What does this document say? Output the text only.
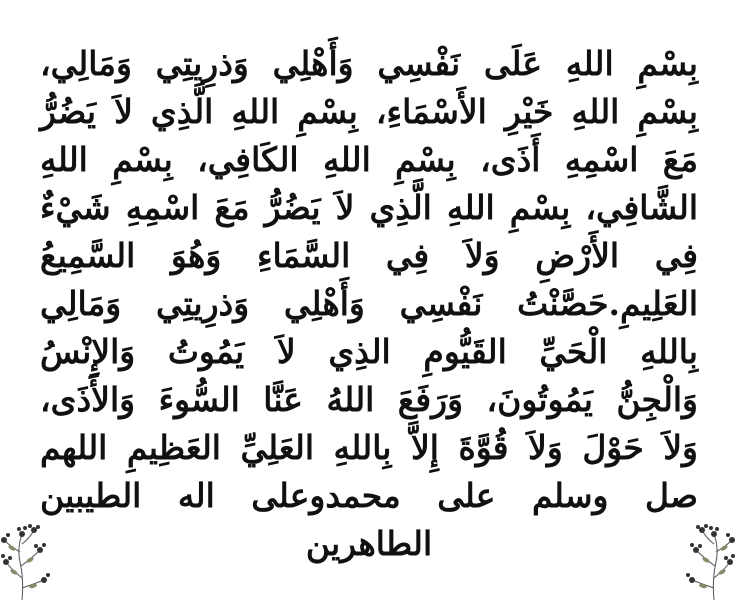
بِسْمِ اللهِ عَلَى نَفْسِي وَأَهْلِي وَذرِيتِي وَمَالِي،
بِسْمِ اللهِ خَيْرِ الأَسْمَاءِ، بِسْمِ اللهِ الَّذِي لاَ يَضُرُّ
مَعَ اسْمِهِ أَذَى، بِسْمِ اللهِ الكَافِي، بِسْمِ اللهِ
الشَّافِي، بِسْمِ اللهِ الَّذِي لاَ يَضُرُّ مَعَ اسْمِهِ شَيْءٌ
فِي الأَرْضِ وَلاَ فِي السَّمَاءِ وَهُوَ السَّمِيعُ
العَلِيمِ.حَصَّنْتُ نَفْسِي وَأَهْلِي وَذرِيتِي وَمَالِي
بِاللهِ الْحَيِّ القَيُّومِ الذِي لاَ يَمُوتُ وَالإِنْسُ
وَالْجِنُّ يَمُوتُونَ، وَرَفَعَ اللهُ عَنَّا السُّوءَ وَالأَذَى،
وَلاَ حَوْلَ وَلاَ قُوَّةَ إِلاَّ بِاللهِ العَلِيِّ العَظِيمِ اللهم
صل وسلم على محمدوعلى اله الطيبين
الطاهرين
